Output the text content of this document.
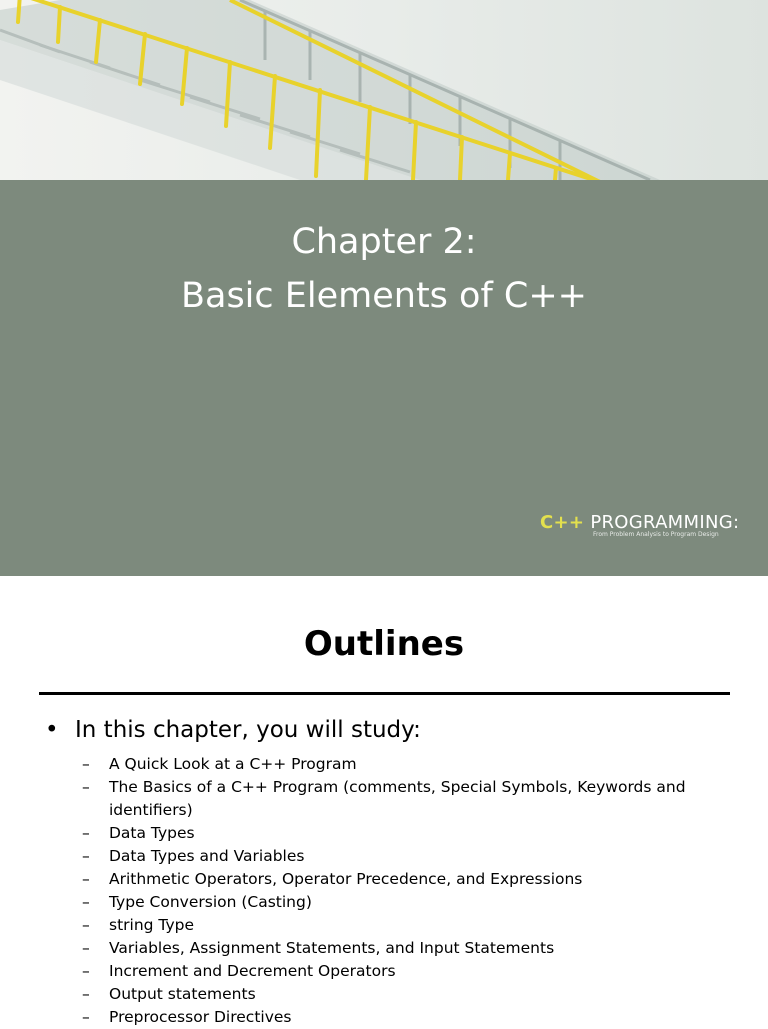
Chapter 2:
Basic Elements of C++
C++ PROGRAMMING:
From Problem Analysis to Program Design
Outlines
• In this chapter, you will study:
– A Quick Look at a C++ Program
– The Basics of a C++ Program (comments, Special Symbols, Keywords and identifiers)
– Data Types
– Data Types and Variables
– Arithmetic Operators, Operator Precedence, and Expressions
– Type Conversion (Casting)
– string Type
– Variables, Assignment Statements, and Input Statements
– Increment and Decrement Operators
– Output statements
– Preprocessor Directives
